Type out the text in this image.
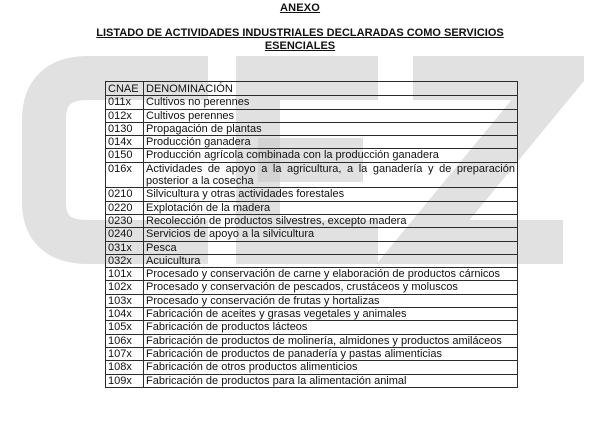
ANEXO
LISTADO DE ACTIVIDADES INDUSTRIALES DECLARADAS COMO SERVICIOS ESENCIALES
CNAE	DENOMINACIÓN
011x	Cultivos no perennes
012x	Cultivos perennes
0130	Propagación de plantas
014x	Producción ganadera
0150	Producción agrícola combinada con la producción ganadera
016x	Actividades de apoyo a la agricultura, a la ganadería y de preparación posterior a la cosecha
0210	Silvicultura y otras actividades forestales
0220	Explotación de la madera
0230	Recolección de productos silvestres, excepto madera
0240	Servicios de apoyo a la silvicultura
031x	Pesca
032x	Acuicultura
101x	Procesado y conservación de carne y elaboración de productos cárnicos
102x	Procesado y conservación de pescados, crustáceos y moluscos
103x	Procesado y conservación de frutas y hortalizas
104x	Fabricación de aceites y grasas vegetales y animales
105x	Fabricación de productos lácteos
106x	Fabricación de productos de molinería, almidones y productos amiláceos
107x	Fabricación de productos de panadería y pastas alimenticias
108x	Fabricación de otros productos alimenticios
109x	Fabricación de productos para la alimentación animal
